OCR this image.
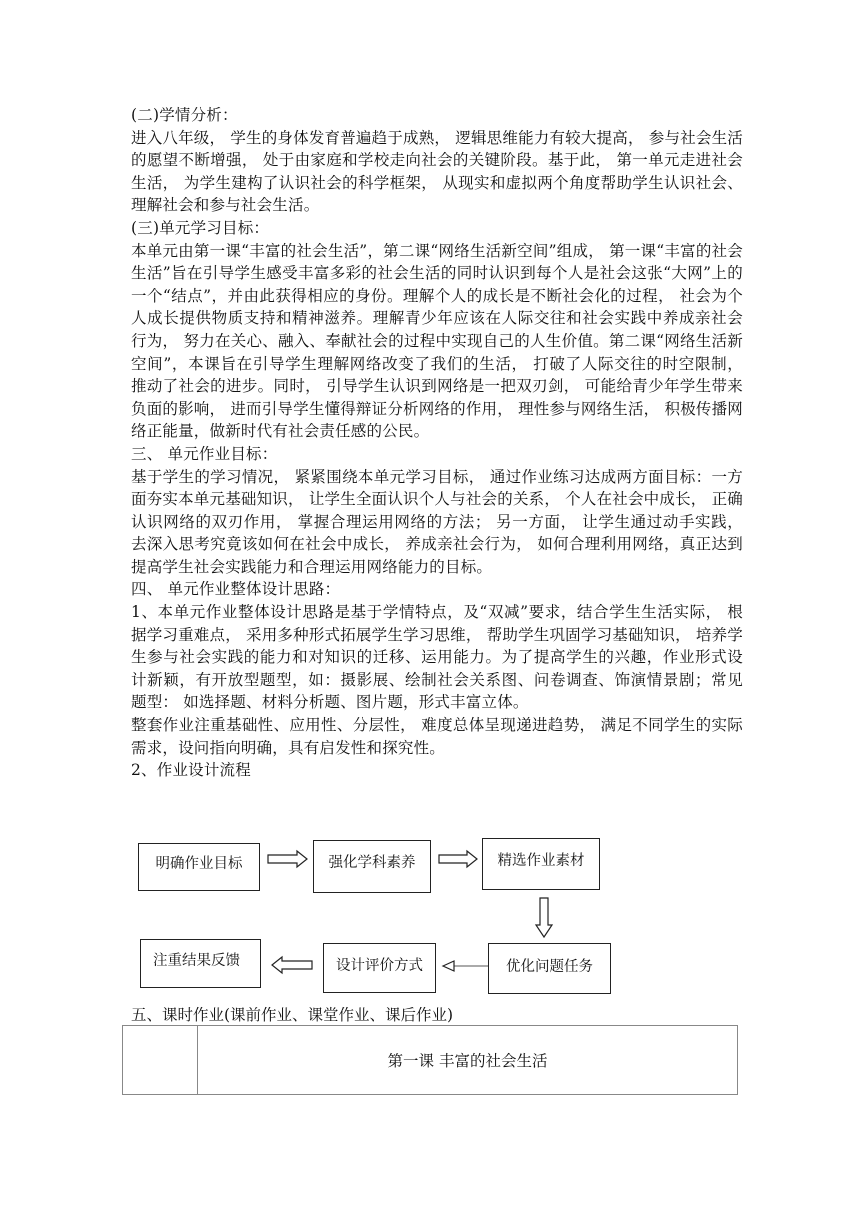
(二)学情分析：

进入八年级， 学生的身体发育普遍趋于成熟， 逻辑思维能力有较大提高， 参与社会生活的愿望不断增强， 处于由家庭和学校走向社会的关键阶段。基于此， 第一单元走进社会生活， 为学生建构了认识社会的科学框架， 从现实和虚拟两个角度帮助学生认识社会、理解社会和参与社会生活。

(三)单元学习目标：

本单元由第一课“丰富的社会生活”，第二课“网络生活新空间”组成， 第一课“丰富的社会生活”旨在引导学生感受丰富多彩的社会生活的同时认识到每个人是社会这张“大网”上的一个“结点”，并由此获得相应的身份。理解个人的成长是不断社会化的过程， 社会为个人成长提供物质支持和精神滋养。理解青少年应该在人际交往和社会实践中养成亲社会行为， 努力在关心、融入、奉献社会的过程中实现自己的人生价值。第二课“网络生活新空间”，本课旨在引导学生理解网络改变了我们的生活， 打破了人际交往的时空限制， 推动了社会的进步。同时， 引导学生认识到网络是一把双刃剑， 可能给青少年学生带来负面的影响， 进而引导学生懂得辩证分析网络的作用， 理性参与网络生活， 积极传播网络正能量，做新时代有社会责任感的公民。

三、 单元作业目标：

基于学生的学习情况， 紧紧围绕本单元学习目标， 通过作业练习达成两方面目标：一方面夯实本单元基础知识， 让学生全面认识个人与社会的关系， 个人在社会中成长， 正确认识网络的双刃作用， 掌握合理运用网络的方法； 另一方面， 让学生通过动手实践， 去深入思考究竟该如何在社会中成长， 养成亲社会行为， 如何合理利用网络，真正达到提高学生社会实践能力和合理运用网络能力的目标。

四、 单元作业整体设计思路：

1、本单元作业整体设计思路是基于学情特点，及“双减”要求，结合学生生活实际， 根据学习重难点， 采用多种形式拓展学生学习思维， 帮助学生巩固学习基础知识， 培养学生参与社会实践的能力和对知识的迁移、运用能力。为了提高学生的兴趣，作业形式设计新颖，有开放型题型，如：摄影展、绘制社会关系图、问卷调查、饰演情景剧；常见题型： 如选择题、材料分析题、图片题，形式丰富立体。

整套作业注重基础性、应用性、分层性， 难度总体呈现递进趋势， 满足不同学生的实际需求，设问指向明确，具有启发性和探究性。

2、作业设计流程

明确作业目标	强化学科素养	精选作业素材
优化问题任务
设计评价方式
注重结果反馈
五、课时作业(课前作业、课堂作业、课后作业)
	第一课 丰富的社会生活
